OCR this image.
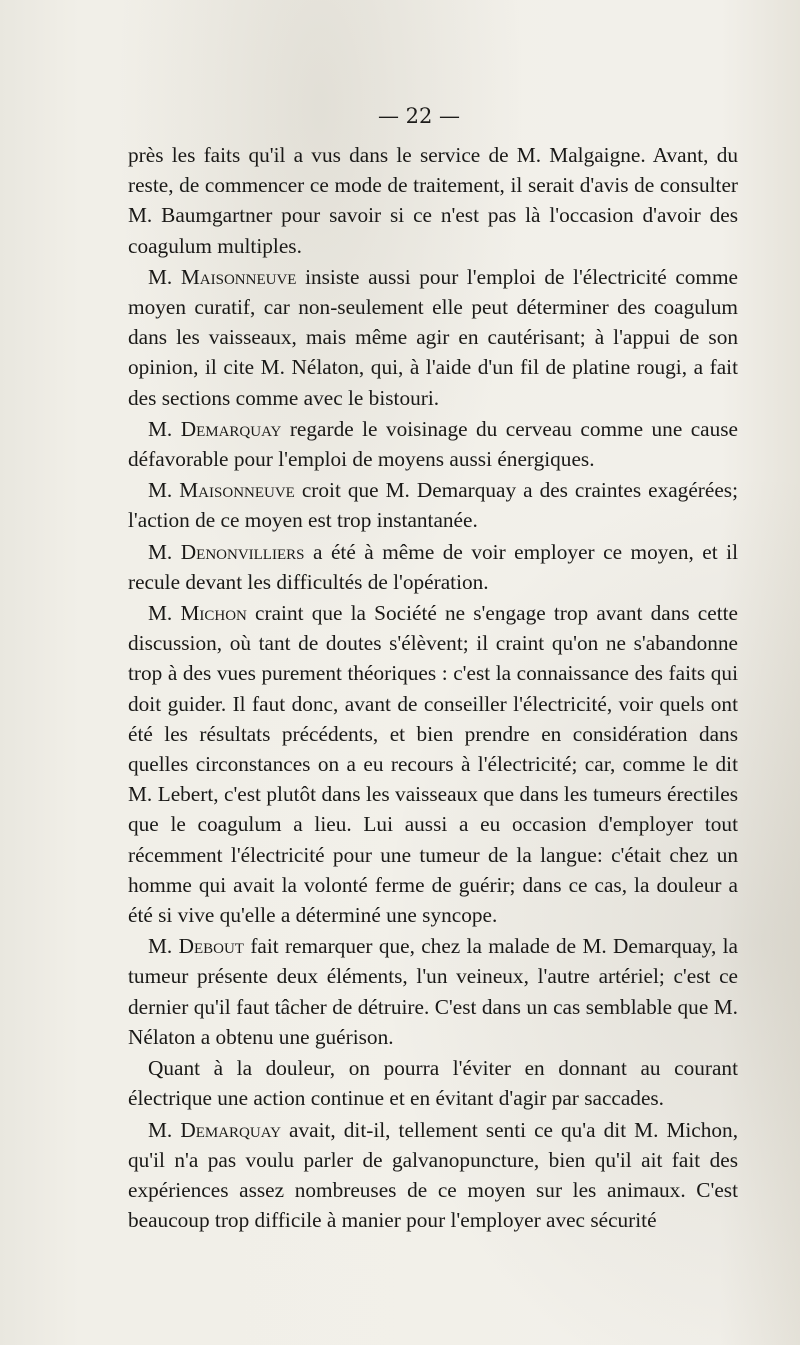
— 22 —

près les faits qu'il a vus dans le service de M. Malgaigne. Avant, du reste, de commencer ce mode de traitement, il serait d'avis de consulter M. Baumgartner pour savoir si ce n'est pas là l'occasion d'avoir des coagulum multiples.

M. Maisonneuve insiste aussi pour l'emploi de l'électricité comme moyen curatif, car non-seulement elle peut déterminer des coagulum dans les vaisseaux, mais même agir en cautérisant; à l'appui de son opinion, il cite M. Nélaton, qui, à l'aide d'un fil de platine rougi, a fait des sections comme avec le bistouri.

M. Demarquay regarde le voisinage du cerveau comme une cause défavorable pour l'emploi de moyens aussi énergiques.

M. Maisonneuve croit que M. Demarquay a des craintes exagérées; l'action de ce moyen est trop instantanée.

M. Denonvilliers a été à même de voir employer ce moyen, et il recule devant les difficultés de l'opération.

M. Michon craint que la Société ne s'engage trop avant dans cette discussion, où tant de doutes s'élèvent; il craint qu'on ne s'abandonne trop à des vues purement théoriques : c'est la connaissance des faits qui doit guider. Il faut donc, avant de conseiller l'électricité, voir quels ont été les résultats précédents, et bien prendre en considération dans quelles circonstances on a eu recours à l'électricité; car, comme le dit M. Lebert, c'est plutôt dans les vaisseaux que dans les tumeurs érectiles que le coagulum a lieu. Lui aussi a eu occasion d'employer tout récemment l'électricité pour une tumeur de la langue: c'était chez un homme qui avait la volonté ferme de guérir; dans ce cas, la douleur a été si vive qu'elle a déterminé une syncope.

M. Debout fait remarquer que, chez la malade de M. Demarquay, la tumeur présente deux éléments, l'un veineux, l'autre artériel; c'est ce dernier qu'il faut tâcher de détruire. C'est dans un cas semblable que M. Nélaton a obtenu une guérison.

Quant à la douleur, on pourra l'éviter en donnant au courant électrique une action continue et en évitant d'agir par saccades.

M. Demarquay avait, dit-il, tellement senti ce qu'a dit M. Michon, qu'il n'a pas voulu parler de galvanopuncture, bien qu'il ait fait des expériences assez nombreuses de ce moyen sur les animaux. C'est beaucoup trop difficile à manier pour l'employer avec sécurité
